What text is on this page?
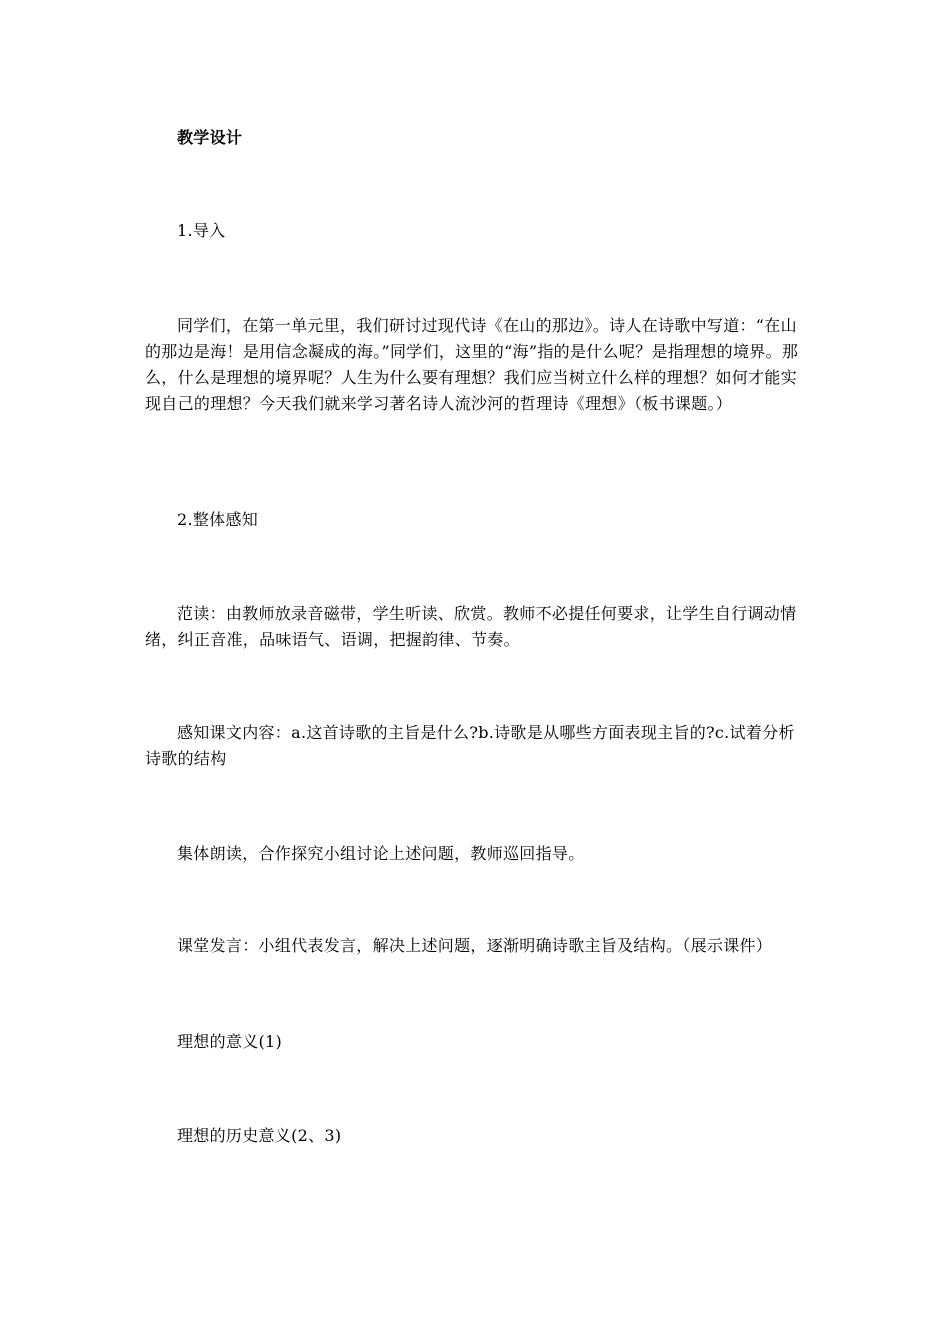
教学设计
1.导入
同学们，在第一单元里，我们研讨过现代诗《在山的那边》。诗人在诗歌中写道：“在山的那边是海！是用信念凝成的海。”同学们，这里的“海”指的是什么呢？是指理想的境界。那么，什么是理想的境界呢？人生为什么要有理想？我们应当树立什么样的理想？如何才能实现自己的理想？今天我们就来学习著名诗人流沙河的哲理诗《理想》（板书课题。）
2.整体感知
范读：由教师放录音磁带，学生听读、欣赏。教师不必提任何要求，让学生自行调动情绪，纠正音准，品味语气、语调，把握韵律、节奏。
感知课文内容：a.这首诗歌的主旨是什么?b.诗歌是从哪些方面表现主旨的?c.试着分析诗歌的结构
集体朗读，合作探究小组讨论上述问题，教师巡回指导。
课堂发言：小组代表发言，解决上述问题，逐渐明确诗歌主旨及结构。（展示课件）
理想的意义(1)
理想的历史意义(2、3)
